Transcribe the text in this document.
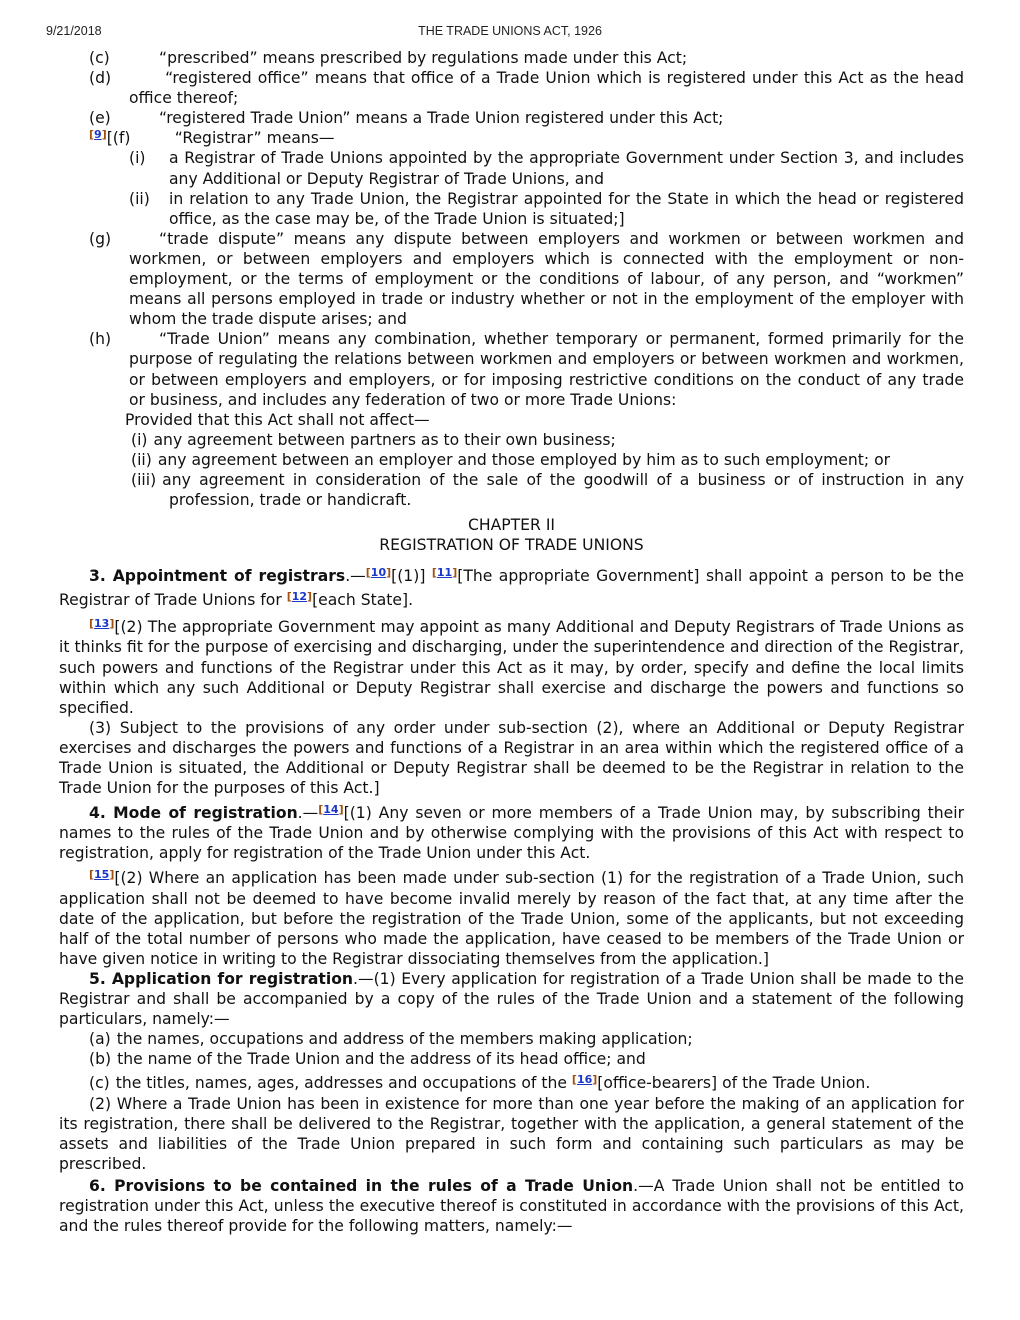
9/21/2018	THE TRADE UNIONS ACT, 1926

(c)	“prescribed” means prescribed by regulations made under this Act;

(d)	“registered office” means that office of a Trade Union which is registered under this Act as the head office thereof;

(e)	“registered Trade Union” means a Trade Union registered under this Act;

[9][(f)	“Registrar” means—

(i) a Registrar of Trade Unions appointed by the appropriate Government under Section 3, and includes any Additional or Deputy Registrar of Trade Unions, and

(ii) in relation to any Trade Union, the Registrar appointed for the State in which the head or registered office, as the case may be, of the Trade Union is situated;]

(g)	“trade dispute” means any dispute between employers and workmen or between workmen and workmen, or between employers and employers which is connected with the employment or non-employment, or the terms of employment or the conditions of labour, of any person, and “workmen” means all persons employed in trade or industry whether or not in the employment of the employer with whom the trade dispute arises; and

(h)	“Trade Union” means any combination, whether temporary or permanent, formed primarily for the purpose of regulating the relations between workmen and employers or between workmen and workmen, or between employers and employers, or for imposing restrictive conditions on the conduct of any trade or business, and includes any federation of two or more Trade Unions:

Provided that this Act shall not affect—

(i) any agreement between partners as to their own business;

(ii) any agreement between an employer and those employed by him as to such employment; or

(iii) any agreement in consideration of the sale of the goodwill of a business or of instruction in any profession, trade or handicraft.

CHAPTER II

REGISTRATION OF TRADE UNIONS

3. Appointment of registrars.—[10][(1)] [11][The appropriate Government] shall appoint a person to be the Registrar of Trade Unions for [12][each State].

[13][(2) The appropriate Government may appoint as many Additional and Deputy Registrars of Trade Unions as it thinks fit for the purpose of exercising and discharging, under the superintendence and direction of the Registrar, such powers and functions of the Registrar under this Act as it may, by order, specify and define the local limits within which any such Additional or Deputy Registrar shall exercise and discharge the powers and functions so specified.

(3) Subject to the provisions of any order under sub-section (2), where an Additional or Deputy Registrar exercises and discharges the powers and functions of a Registrar in an area within which the registered office of a Trade Union is situated, the Additional or Deputy Registrar shall be deemed to be the Registrar in relation to the Trade Union for the purposes of this Act.]

4. Mode of registration.—[14][(1) Any seven or more members of a Trade Union may, by subscribing their names to the rules of the Trade Union and by otherwise complying with the provisions of this Act with respect to registration, apply for registration of the Trade Union under this Act.

[15][(2) Where an application has been made under sub-section (1) for the registration of a Trade Union, such application shall not be deemed to have become invalid merely by reason of the fact that, at any time after the date of the application, but before the registration of the Trade Union, some of the applicants, but not exceeding half of the total number of persons who made the application, have ceased to be members of the Trade Union or have given notice in writing to the Registrar dissociating themselves from the application.]

5. Application for registration.—(1) Every application for registration of a Trade Union shall be made to the Registrar and shall be accompanied by a copy of the rules of the Trade Union and a statement of the following particulars, namely:—

(a) the names, occupations and address of the members making application;

(b) the name of the Trade Union and the address of its head office; and

(c) the titles, names, ages, addresses and occupations of the [16][office-bearers] of the Trade Union.

(2) Where a Trade Union has been in existence for more than one year before the making of an application for its registration, there shall be delivered to the Registrar, together with the application, a general statement of the assets and liabilities of the Trade Union prepared in such form and containing such particulars as may be prescribed.

6. Provisions to be contained in the rules of a Trade Union.—A Trade Union shall not be entitled to registration under this Act, unless the executive thereof is constituted in accordance with the provisions of this Act, and the rules thereof provide for the following matters, namely:—
